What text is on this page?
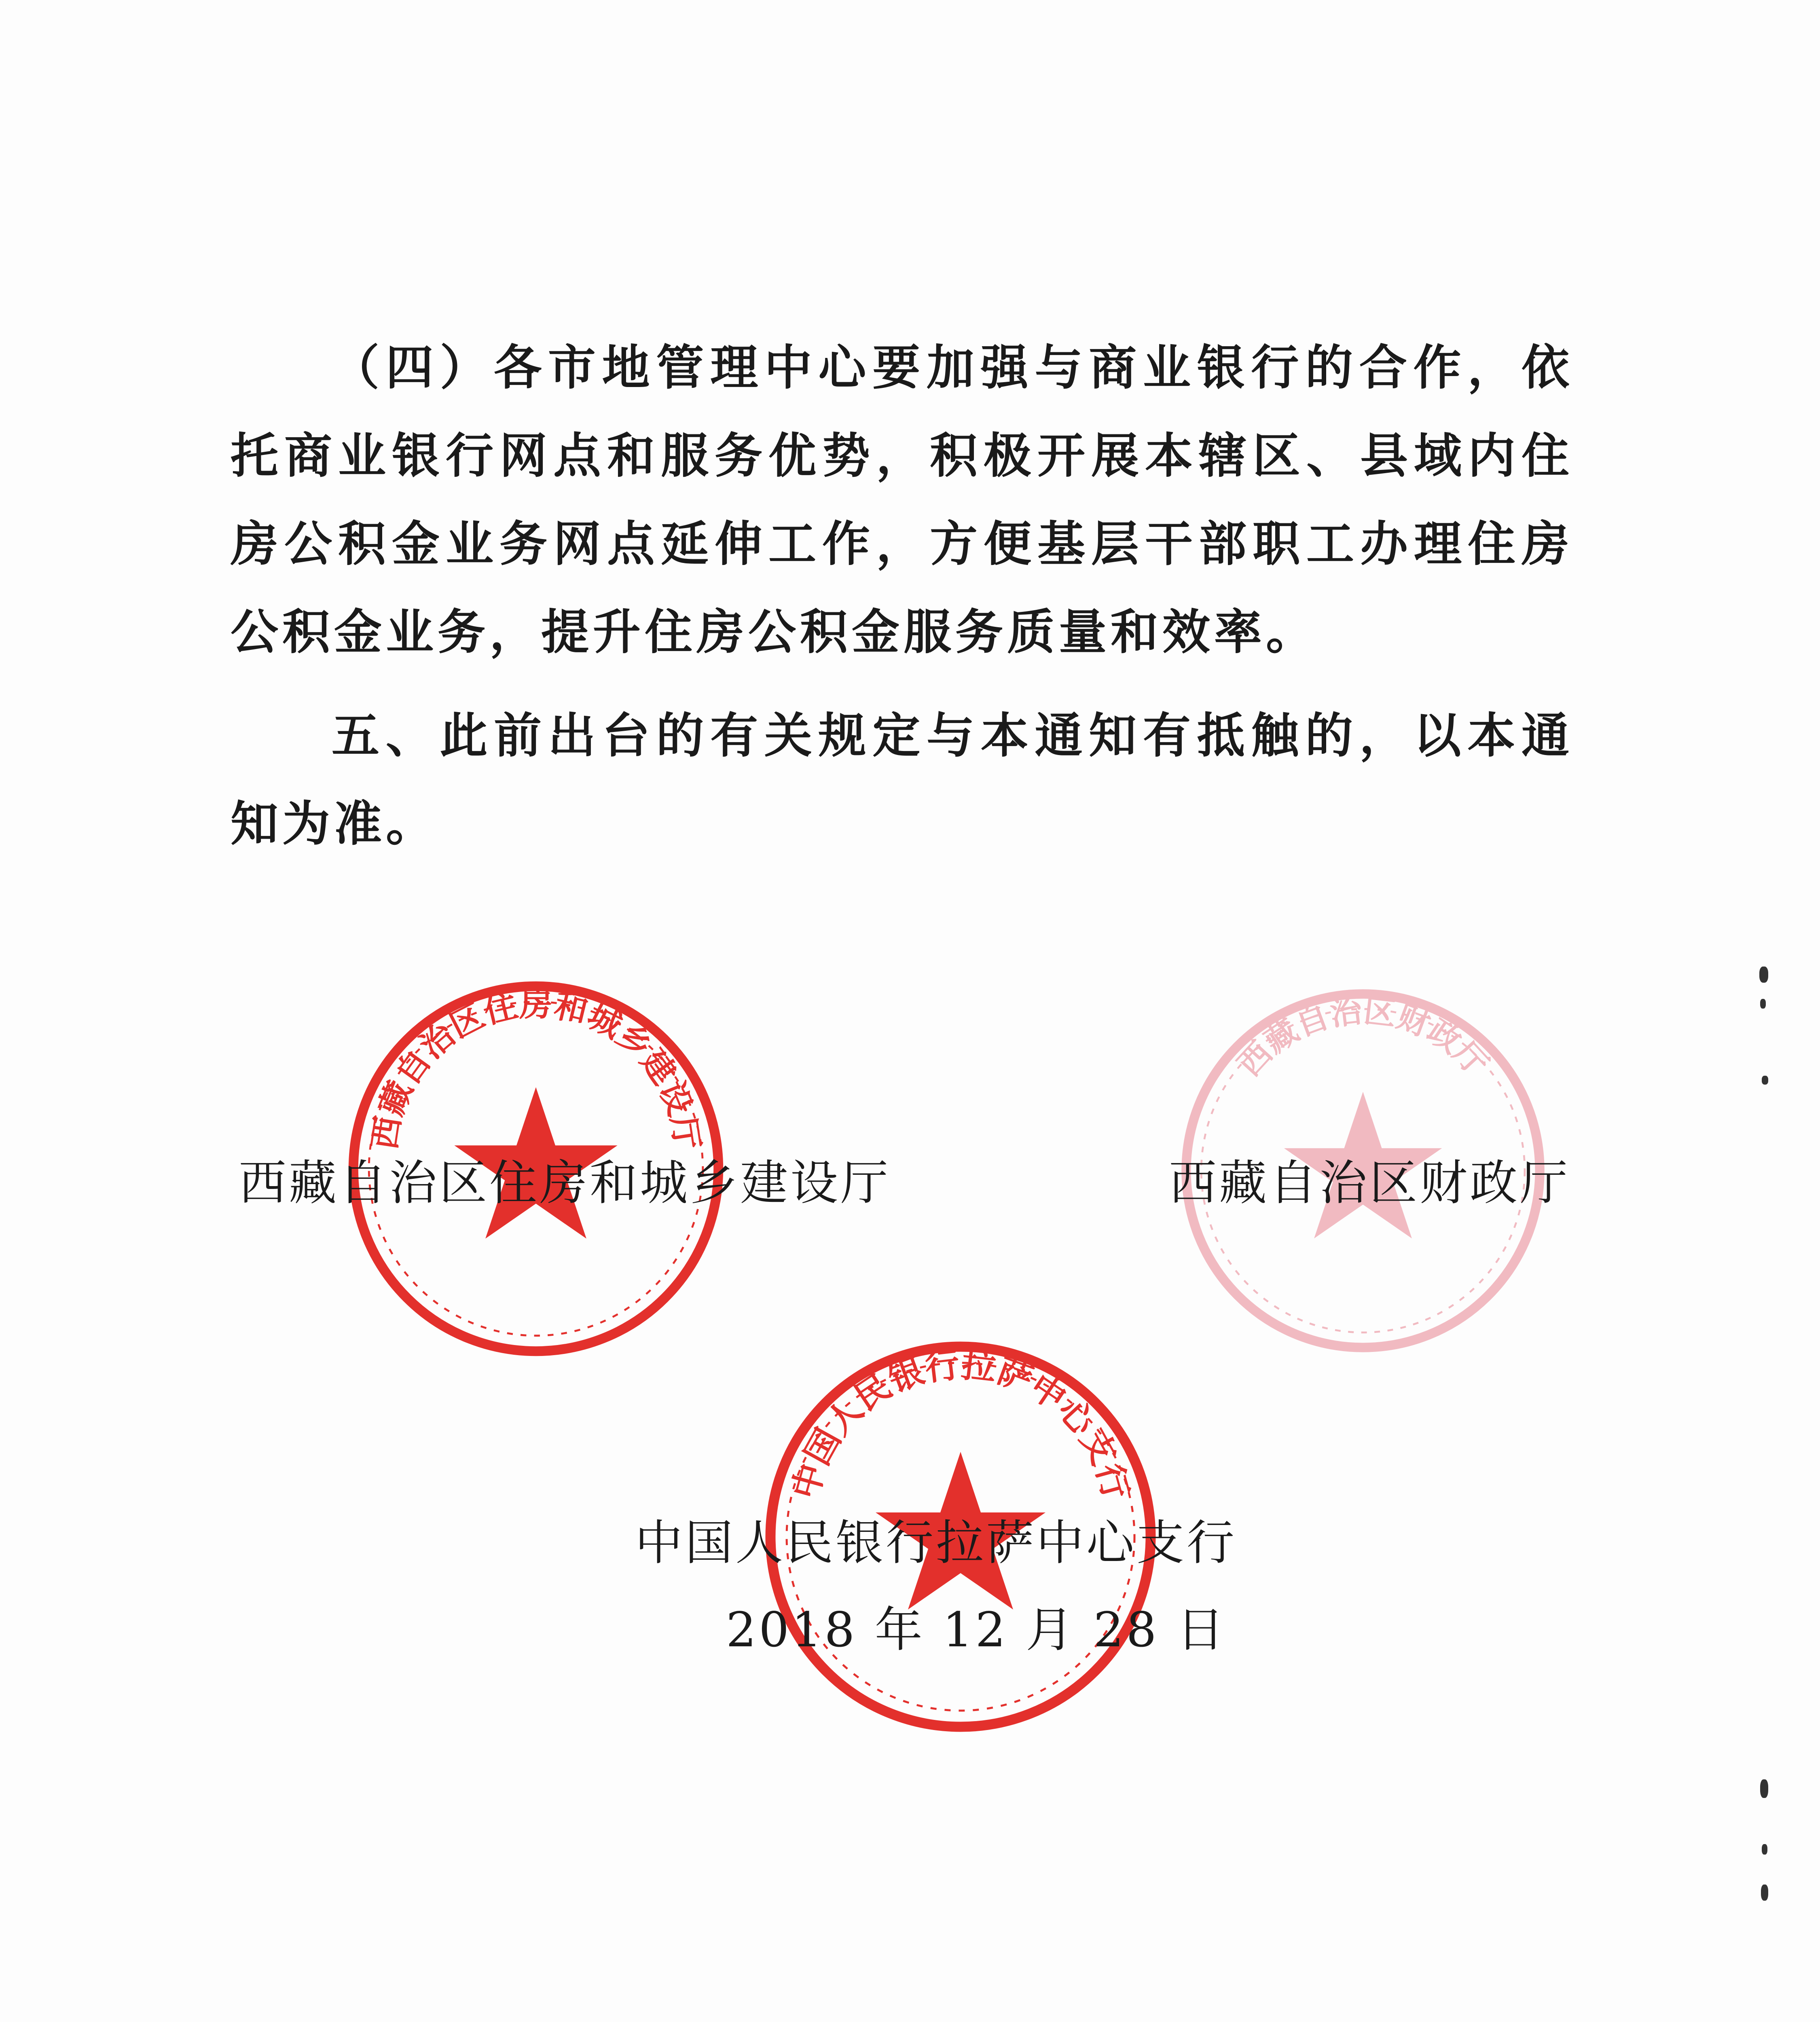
（四）各市地管理中心要加强与商业银行的合作，依托商业银行网点和服务优势，积极开展本辖区、县域内住房公积金业务网点延伸工作，方便基层干部职工办理住房公积金业务，提升住房公积金服务质量和效率。

五、此前出台的有关规定与本通知有抵触的，以本通知为准。

西藏自治区住房和城乡建设厅
西藏自治区财政厅
中国人民银行拉萨中心支行
西藏自治区住房和城乡建设厅	西藏自治区财政厅
中国人民银行拉萨中心支行
2018 年 12 月 28 日
